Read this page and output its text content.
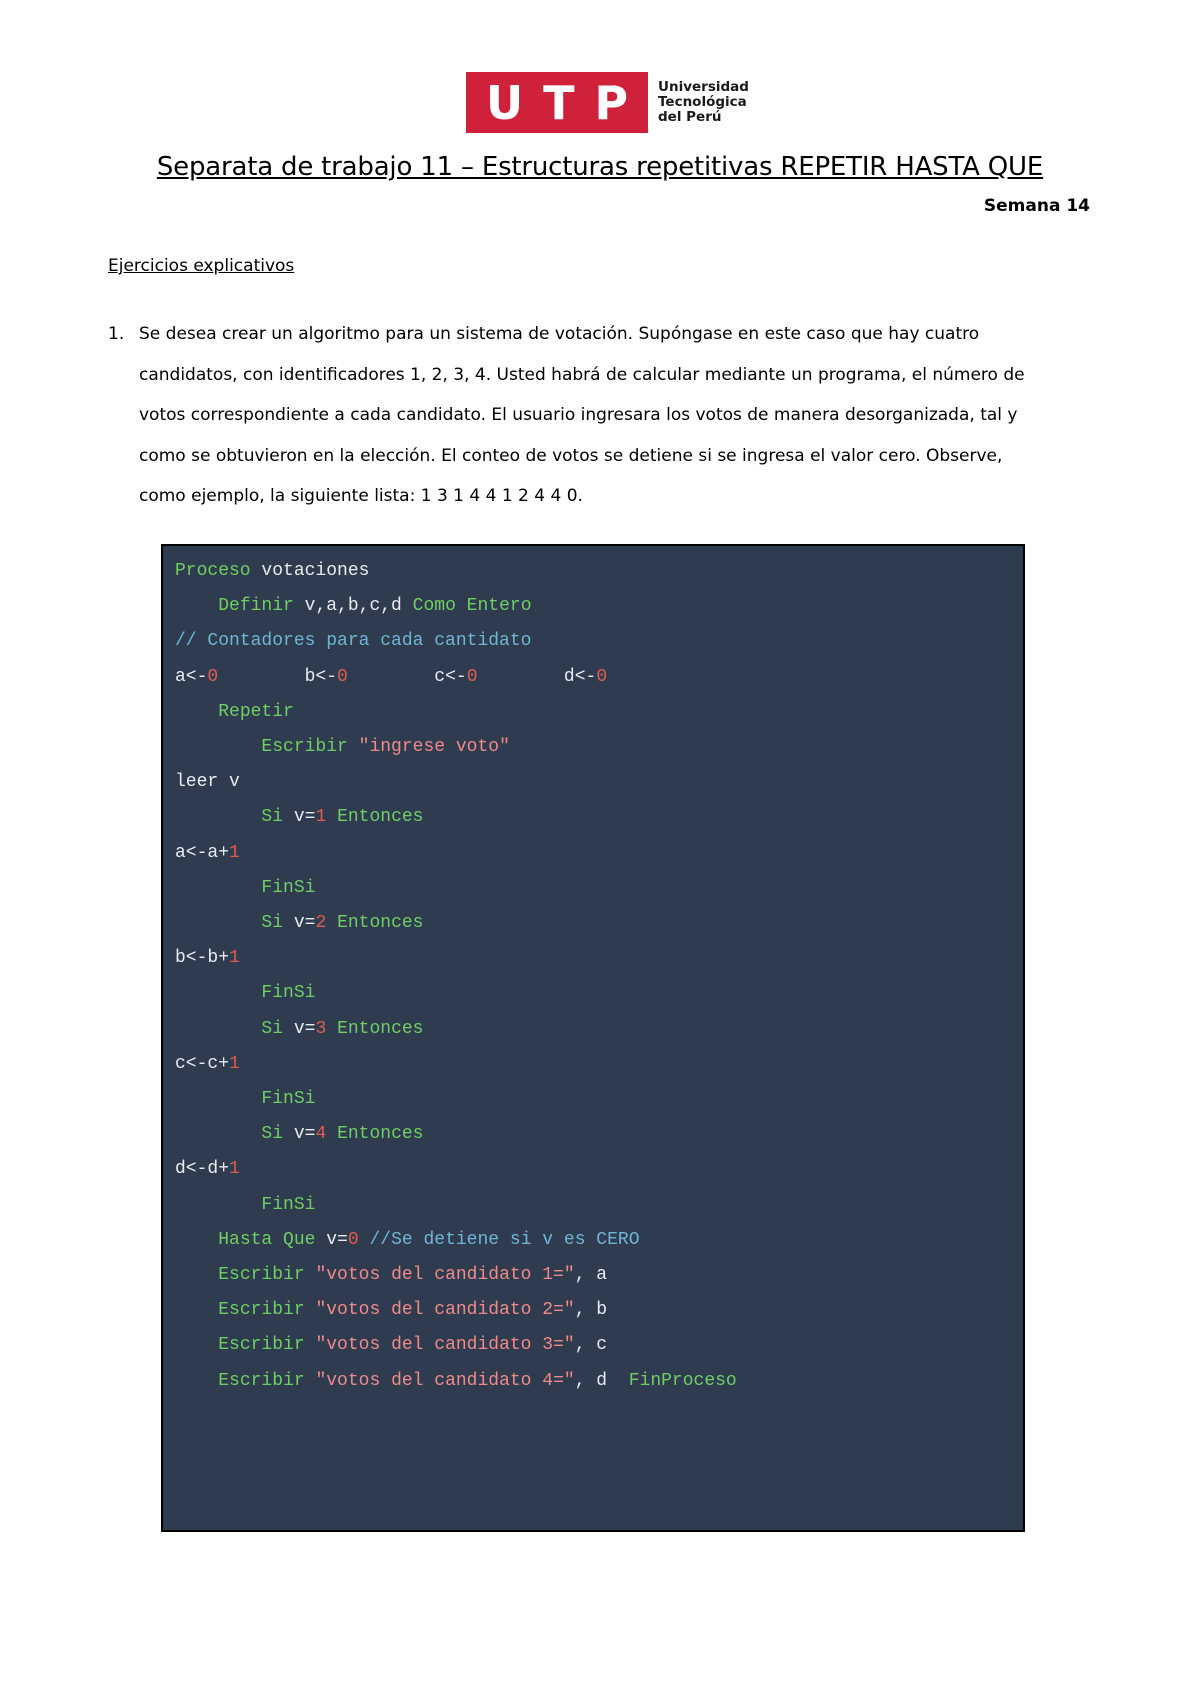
U T P Universidad
Tecnológica
del Perú
Separata de trabajo 11 – Estructuras repetitivas REPETIR HASTA QUE
Semana 14
Ejercicios explicativos
1. Se desea crear un algoritmo para un sistema de votación. Supóngase en este caso que hay cuatro
candidatos, con identificadores 1, 2, 3, 4. Usted habrá de calcular mediante un programa, el número de
votos correspondiente a cada candidato. El usuario ingresara los votos de manera desorganizada, tal y
como se obtuvieron en la elección. El conteo de votos se detiene si se ingresa el valor cero. Observe,
como ejemplo, la siguiente lista: 1 3 1 4 4 1 2 4 4 0.
Proceso votaciones
Definir v,a,b,c,d Como Entero
// Contadores para cada cantidato
a<-0        b<-0        c<-0        d<-0
Repetir
Escribir "ingrese voto"
leer v
Si v=1 Entonces
a<-a+1
FinSi
Si v=2 Entonces
b<-b+1
FinSi
Si v=3 Entonces
c<-c+1
FinSi
Si v=4 Entonces
d<-d+1
FinSi
Hasta Que v=0 //Se detiene si v es CERO
Escribir "votos del candidato 1=", a
Escribir "votos del candidato 2=", b
Escribir "votos del candidato 3=", c
Escribir "votos del candidato 4=", d  FinProceso
